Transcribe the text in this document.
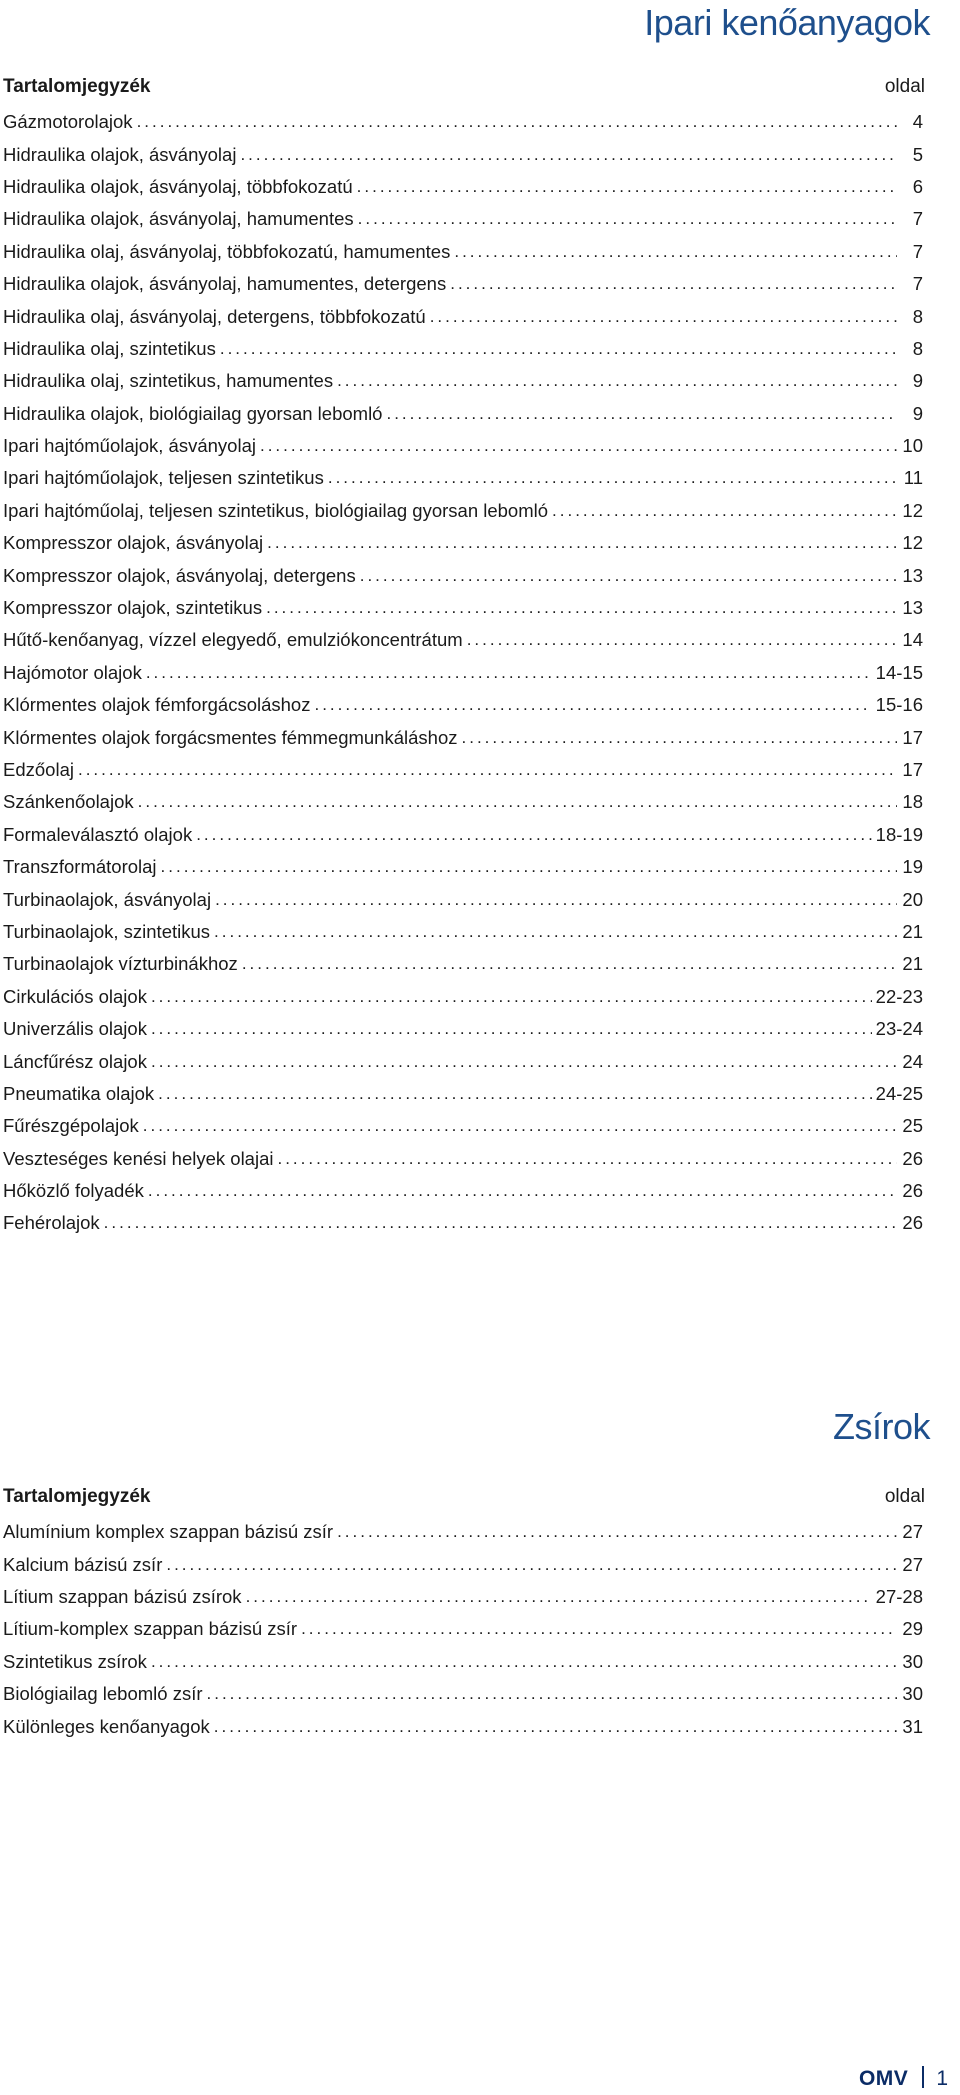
Ipari kenőanyagok
Tartalomjegyzék	oldal
Gázmotorolajok .....	4
Hidraulika olajok, ásványolaj .....	5
Hidraulika olajok, ásványolaj, többfokozatú .....	6
Hidraulika olajok, ásványolaj, hamumentes .....	7
Hidraulika olaj, ásványolaj, többfokozatú, hamumentes .....	7
Hidraulika olajok, ásványolaj, hamumentes, detergens .....	7
Hidraulika olaj, ásványolaj, detergens, többfokozatú .....	8
Hidraulika olaj, szintetikus .....	8
Hidraulika olaj, szintetikus, hamumentes .....	9
Hidraulika olajok, biológiailag gyorsan lebomló .....	9
Ipari hajtóműolajok, ásványolaj .....	10
Ipari hajtóműolajok, teljesen szintetikus .....	11
Ipari hajtóműolaj, teljesen szintetikus, biológiailag gyorsan lebomló .....	12
Kompresszor olajok, ásványolaj .....	12
Kompresszor olajok, ásványolaj, detergens .....	13
Kompresszor olajok, szintetikus .....	13
Hűtő-kenőanyag, vízzel elegyedő, emulziókoncentrátum .....	14
Hajómotor olajok .....	14-15
Klórmentes olajok fémforgácsoláshoz .....	15-16
Klórmentes olajok forgácsmentes fémmegmunkáláshoz .....	17
Edzőolaj .....	17
Szánkenőolajok .....	18
Formaleválasztó olajok .....	18-19
Transzformátorolaj .....	19
Turbinaolajok, ásványolaj .....	20
Turbinaolajok, szintetikus .....	21
Turbinaolajok vízturbinákhoz .....	21
Cirkulációs olajok .....	22-23
Univerzális olajok .....	23-24
Láncfűrész olajok .....	24
Pneumatika olajok .....	24-25
Fűrészgépolajok .....	25
Veszteséges kenési helyek olajai .....	26
Hőközlő folyadék .....	26
Fehérolajok .....	26
Zsírok
Tartalomjegyzék	oldal
Alumínium komplex szappan bázisú zsír .....	27
Kalcium bázisú zsír .....	27
Lítium szappan bázisú zsírok .....	27-28
Lítium-komplex szappan bázisú zsír .....	29
Szintetikus zsírok .....	30
Biológiailag lebomló zsír .....	30
Különleges kenőanyagok .....	31
OMV 1
